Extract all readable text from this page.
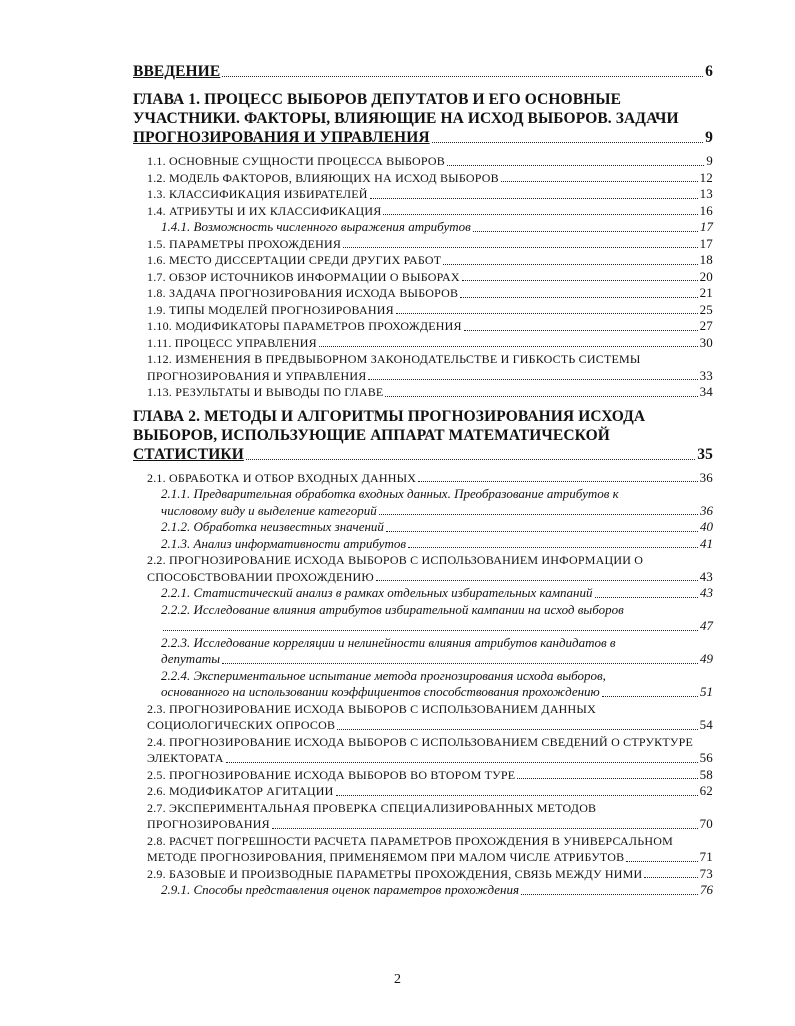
ВВЕДЕНИЕ	6
ГЛАВА 1. ПРОЦЕСС ВЫБОРОВ ДЕПУТАТОВ И ЕГО ОСНОВНЫЕ
УЧАСТНИКИ. ФАКТОРЫ, ВЛИЯЮЩИЕ НА ИСХОД ВЫБОРОВ. ЗАДАЧИ
ПРОГНОЗИРОВАНИЯ И УПРАВЛЕНИЯ	9
1.1. ОСНОВНЫЕ СУЩНОСТИ ПРОЦЕССА ВЫБОРОВ	9
1.2. МОДЕЛЬ ФАКТОРОВ, ВЛИЯЮЩИХ НА ИСХОД ВЫБОРОВ	12
1.3. КЛАССИФИКАЦИЯ ИЗБИРАТЕЛЕЙ	13
1.4. АТРИБУТЫ И ИХ КЛАССИФИКАЦИЯ	16
1.4.1. Возможность численного выражения атрибутов	17
1.5. ПАРАМЕТРЫ ПРОХОЖДЕНИЯ	17
1.6. МЕСТО ДИССЕРТАЦИИ СРЕДИ ДРУГИХ РАБОТ	18
1.7. ОБЗОР ИСТОЧНИКОВ ИНФОРМАЦИИ О ВЫБОРАХ	20
1.8. ЗАДАЧА ПРОГНОЗИРОВАНИЯ ИСХОДА ВЫБОРОВ	21
1.9. ТИПЫ МОДЕЛЕЙ ПРОГНОЗИРОВАНИЯ	25
1.10. МОДИФИКАТОРЫ ПАРАМЕТРОВ ПРОХОЖДЕНИЯ	27
1.11. ПРОЦЕСС УПРАВЛЕНИЯ	30
1.12. ИЗМЕНЕНИЯ В ПРЕДВЫБОРНОМ ЗАКОНОДАТЕЛЬСТВЕ И ГИБКОСТЬ СИСТЕМЫ
ПРОГНОЗИРОВАНИЯ И УПРАВЛЕНИЯ	33
1.13. РЕЗУЛЬТАТЫ И ВЫВОДЫ ПО ГЛАВЕ	34
ГЛАВА 2. МЕТОДЫ И АЛГОРИТМЫ ПРОГНОЗИРОВАНИЯ ИСХОДА
ВЫБОРОВ, ИСПОЛЬЗУЮЩИЕ АППАРАТ МАТЕМАТИЧЕСКОЙ
СТАТИСТИКИ	35
2.1. ОБРАБОТКА И ОТБОР ВХОДНЫХ ДАННЫХ	36
2.1.1. Предварительная обработка входных данных. Преобразование атрибутов к
числовому виду и выделение категорий	36
2.1.2. Обработка неизвестных значений	40
2.1.3. Анализ информативности атрибутов	41
2.2. ПРОГНОЗИРОВАНИЕ ИСХОДА ВЫБОРОВ С ИСПОЛЬЗОВАНИЕМ ИНФОРМАЦИИ О
СПОСОБСТВОВАНИИ ПРОХОЖДЕНИЮ	43
2.2.1. Статистический анализ в рамках отдельных избирательных кампаний	43
2.2.2. Исследование влияния атрибутов избирательной кампании на исход выборов
47
2.2.3. Исследование корреляции и нелинейности влияния атрибутов кандидатов в
депутаты	49
2.2.4. Экспериментальное испытание метода прогнозирования исхода выборов,
основанного на использовании коэффициентов способствования прохождению	51
2.3. ПРОГНОЗИРОВАНИЕ ИСХОДА ВЫБОРОВ С ИСПОЛЬЗОВАНИЕМ ДАННЫХ
СОЦИОЛОГИЧЕСКИХ ОПРОСОВ	54
2.4. ПРОГНОЗИРОВАНИЕ ИСХОДА ВЫБОРОВ С ИСПОЛЬЗОВАНИЕМ СВЕДЕНИЙ О СТРУКТУРЕ
ЭЛЕКТОРАТА	56
2.5. ПРОГНОЗИРОВАНИЕ ИСХОДА ВЫБОРОВ ВО ВТОРОМ ТУРЕ	58
2.6. МОДИФИКАТОР АГИТАЦИИ	62
2.7. ЭКСПЕРИМЕНТАЛЬНАЯ ПРОВЕРКА СПЕЦИАЛИЗИРОВАННЫХ МЕТОДОВ
ПРОГНОЗИРОВАНИЯ	70
2.8. РАСЧЕТ ПОГРЕШНОСТИ РАСЧЕТА ПАРАМЕТРОВ ПРОХОЖДЕНИЯ В УНИВЕРСАЛЬНОМ
МЕТОДЕ ПРОГНОЗИРОВАНИЯ, ПРИМЕНЯЕМОМ ПРИ МАЛОМ ЧИСЛЕ АТРИБУТОВ	71
2.9. БАЗОВЫЕ И ПРОИЗВОДНЫЕ ПАРАМЕТРЫ ПРОХОЖДЕНИЯ, СВЯЗЬ МЕЖДУ НИМИ	73
2.9.1. Способы представления оценок параметров прохождения	76
2
